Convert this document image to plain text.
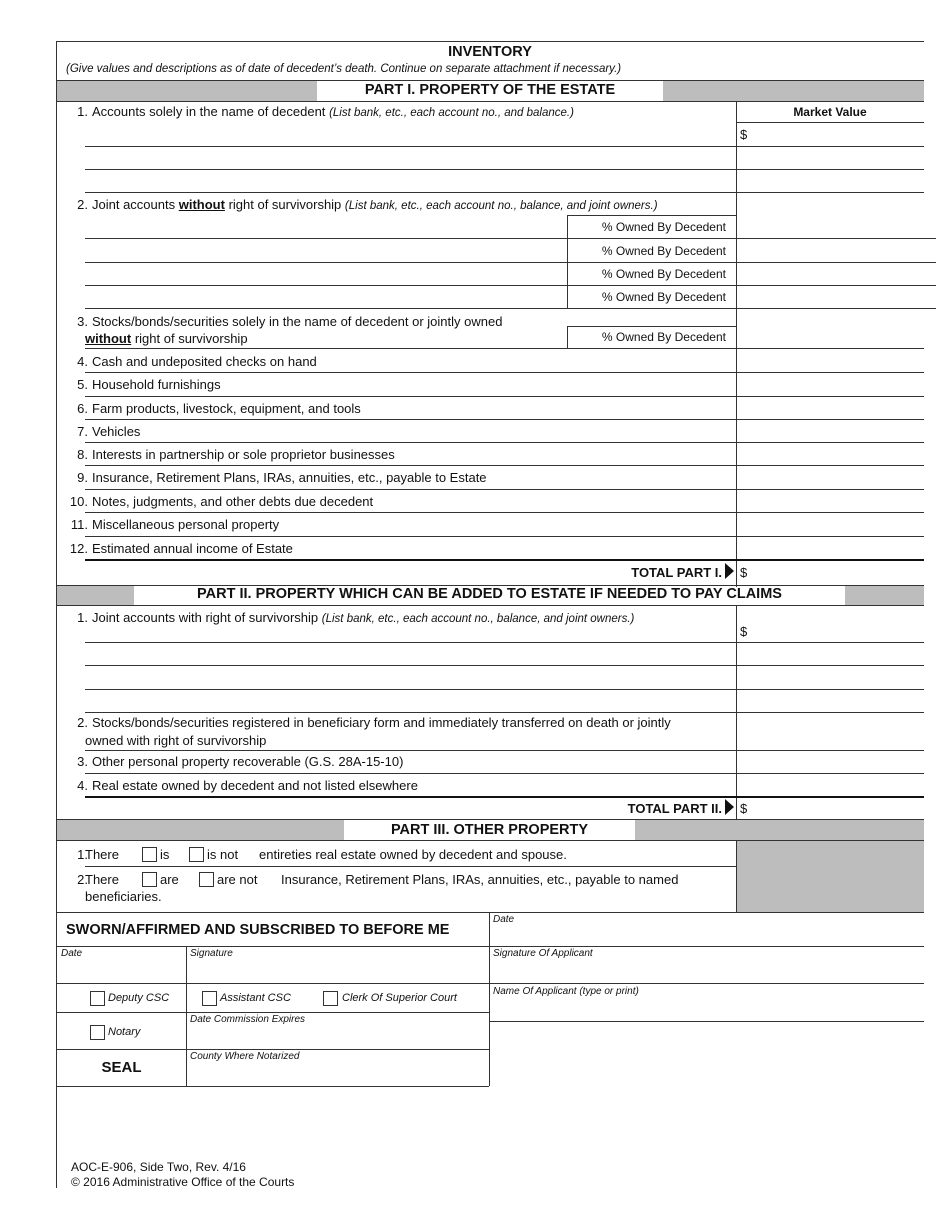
INVENTORY
(Give values and descriptions as of date of decedent’s death. Continue on separate attachment if necessary.)
PART I. PROPERTY OF THE ESTATE
Market Value
$
1. Accounts solely in the name of decedent (List bank, etc., each account no., and balance.)
2. Joint accounts without right of survivorship (List bank, etc., each account no., balance, and joint owners.)
% Owned By Decedent
% Owned By Decedent
% Owned By Decedent
% Owned By Decedent
3. Stocks/bonds/securities solely in the name of decedent or jointly owned
without right of survivorship	% Owned By Decedent
4. Cash and undeposited checks on hand
5. Household furnishings
6. Farm products, livestock, equipment, and tools
7. Vehicles
8. Interests in partnership or sole proprietor businesses
9. Insurance, Retirement Plans, IRAs, annuities, etc., payable to Estate
10. Notes, judgments, and other debts due decedent
11. Miscellaneous personal property
12. Estimated annual income of Estate
TOTAL PART I. $
PART II. PROPERTY WHICH CAN BE ADDED TO ESTATE IF NEEDED TO PAY CLAIMS
1. Joint accounts with right of survivorship (List bank, etc., each account no., balance, and joint owners.)
$
2. Stocks/bonds/securities registered in beneficiary form and immediately transferred on death or jointly
owned with right of survivorship
3. Other personal property recoverable (G.S. 28A-15-10)
4. Real estate owned by decedent and not listed elsewhere
TOTAL PART II. $
PART III. OTHER PROPERTY
1.
There	is	is not entireties real estate owned by decedent and spouse.
2.
There	are	are not Insurance, Retirement Plans, IRAs, annuities, etc., payable to named
beneficiaries.
SWORN/AFFIRMED AND SUBSCRIBED TO BEFORE ME
Date
Date	Signature	Signature Of Applicant
Deputy CSC	Assistant CSC	Clerk Of Superior Court
Name Of Applicant (type or print)
Notary
Date Commission Expires
SEAL
County Where Notarized
AOC-E-906, Side Two, Rev. 4/16
© 2016 Administrative Office of the Courts
